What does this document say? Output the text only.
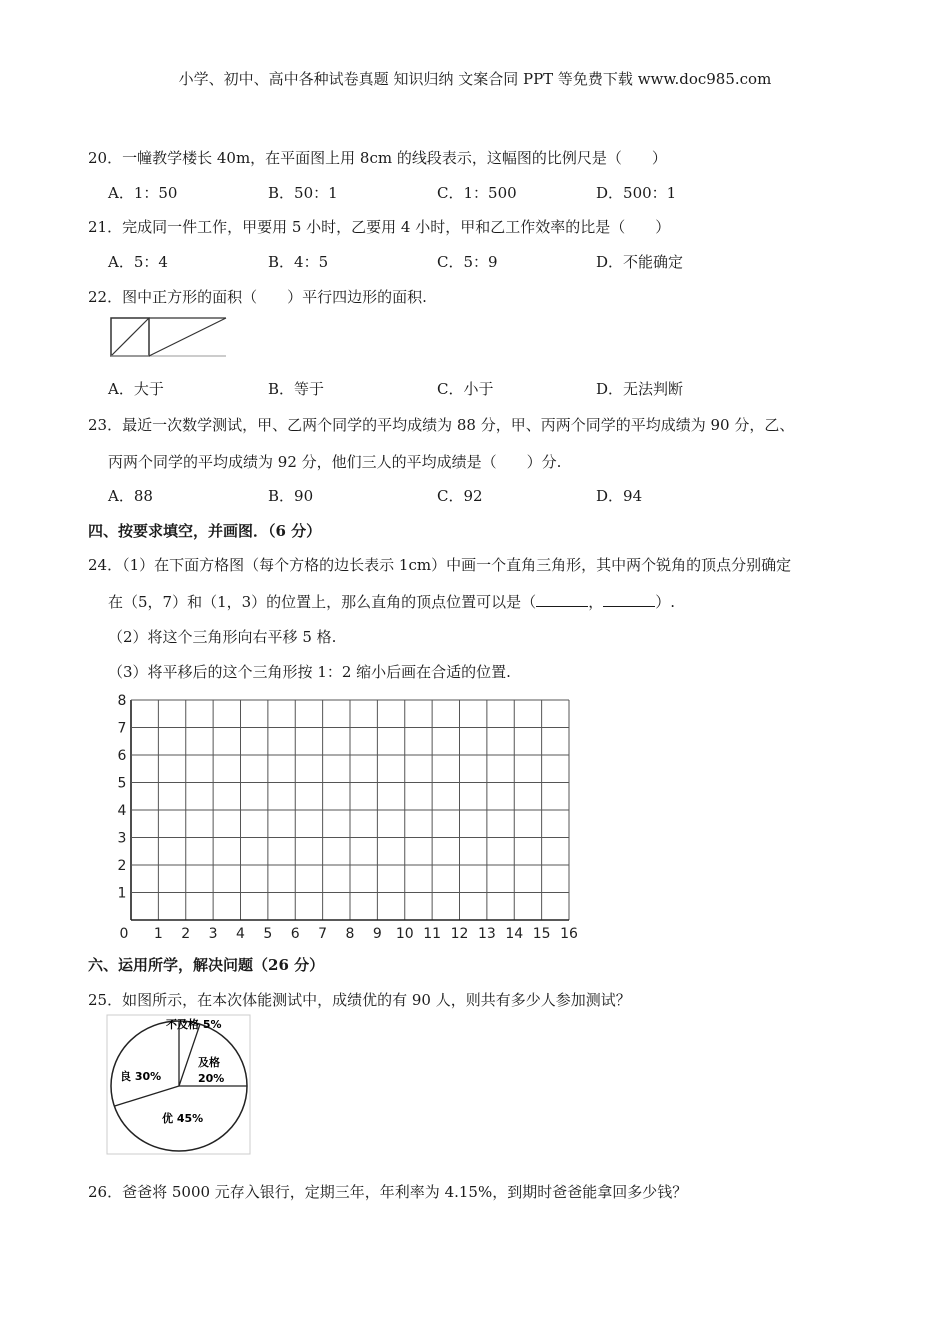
小学、初中、高中各种试卷真题 知识归纳 文案合同 PPT 等免费下载 www.doc985.com
20．一幢教学楼长 40m，在平面图上用 8cm 的线段表示，这幅图的比例尺是（　　）
A．1：50	B．50：1	C．1：500	D．500：1
21．完成同一件工作，甲要用 5 小时，乙要用 4 小时，甲和乙工作效率的比是（　　）
A．5：4	B．4：5	C．5：9	D．不能确定
22．图中正方形的面积（　　）平行四边形的面积.
A．大于	B．等于	C．小于	D．无法判断
23．最近一次数学测试，甲、乙两个同学的平均成绩为 88 分，甲、丙两个同学的平均成绩为 90 分，乙、
丙两个同学的平均成绩为 92 分，他们三人的平均成绩是（　　）分.
A．88	B．90	C．92	D．94
四、按要求填空，并画图．（6 分）
24．（1）在下面方格图（每个方格的边长表示 1cm）中画一个直角三角形，其中两个锐角的顶点分别确定
在（5，7）和（1，3）的位置上，那么直角的顶点位置可以是（	，	）.
（2）将这个三角形向右平移 5 格.
（3）将平移后的这个三角形按 1：2 缩小后画在合适的位置.
0 1 2 3 4 5 6 7 8 9 10 11 12 13 14 15 16
1
2
3
4
5
6
7
8
六、运用所学，解决问题（26 分）
25．如图所示，在本次体能测试中，成绩优的有 90 人，则共有多少人参加测试？
不及格 5%
及格
20%
优 45%
良 30%
26．爸爸将 5000 元存入银行，定期三年，年利率为 4.15%，到期时爸爸能拿回多少钱？
